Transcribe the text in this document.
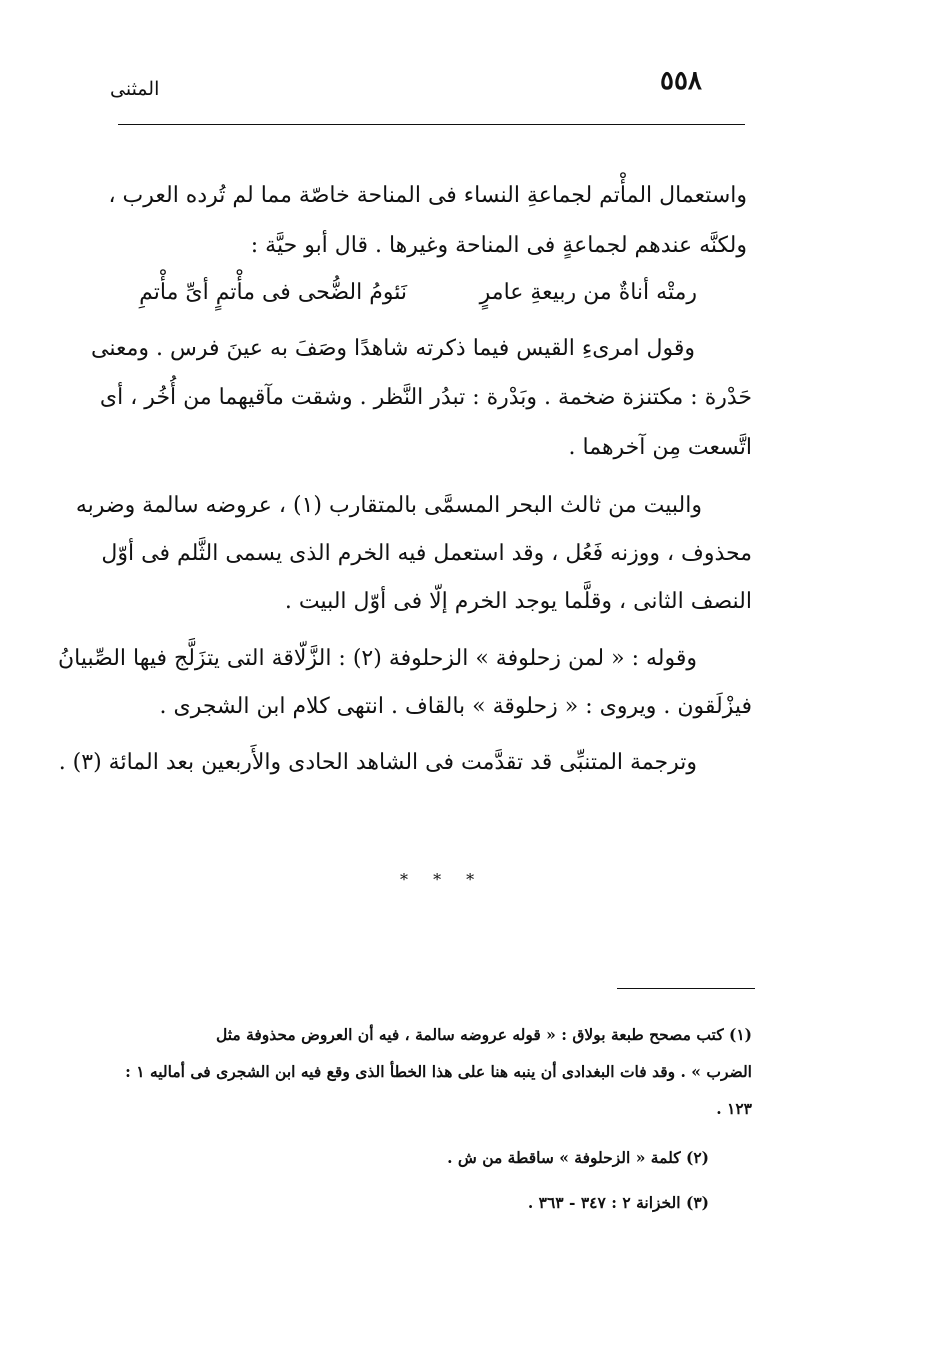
٥٥٨
المثنى
واستعمال المأْتم لجماعةِ النساء فى المناحة خاصّة مما لم تُرده العرب ،
ولكنَّه عندهم لجماعةٍ فى المناحة وغيرها . قال أبو حيَّة :
رمتْه أناةٌ من ربيعةِ عامرٍ
نَئومُ الضُّحى فى مأْتمٍ أىِّ مأْتمِ
وقول امرىءِ القيس فيما ذكرته شاهدًا وصَفَ به عينَ فرس . ومعنى
حَدْرة : مكتنزة ضخمة . وبَدْرة : تبدُر النَّظر . وشقت مآقيهما من أُخُر ، أى
اتَّسعت مِن آخرهما .
والبيت من ثالث البحر المسمَّى بالمتقارب (١) ، عروضه سالمة وضربه
محذوف ، ووزنه فَعُل ، وقد استعمل فيه الخرم الذى يسمى الثَّلم فى أوّل
النصف الثانى ، وقلَّما يوجد الخرم إلّا فى أوّل البيت .
وقوله : « لمن زحلوفة » الزحلوفة (٢) : الزَّلّاقة التى يتزَلَّج فيها الصِّبيانُ
فيزْلَقون . ويروى : « زحلوقة » بالقاف . انتهى كلام ابن الشجرى .
وترجمة المتنبِّى قد تقدَّمت فى الشاهد الحادى والأَربعين بعد المائة (٣) .
* * *
(١) كتب مصحح طبعة بولاق : « قوله عروضه سالمة ، فيه أن العروض محذوفة مثل
الضرب » . وقد فات البغدادى أن ينبه هنا على هذا الخطأ الذى وقع فيه ابن الشجرى فى أماليه ١ :
١٢٣ .
(٢) كلمة « الزحلوفة » ساقطة من ش .
(٣) الخزانة ٢ : ٣٤٧ - ٣٦٣ .
